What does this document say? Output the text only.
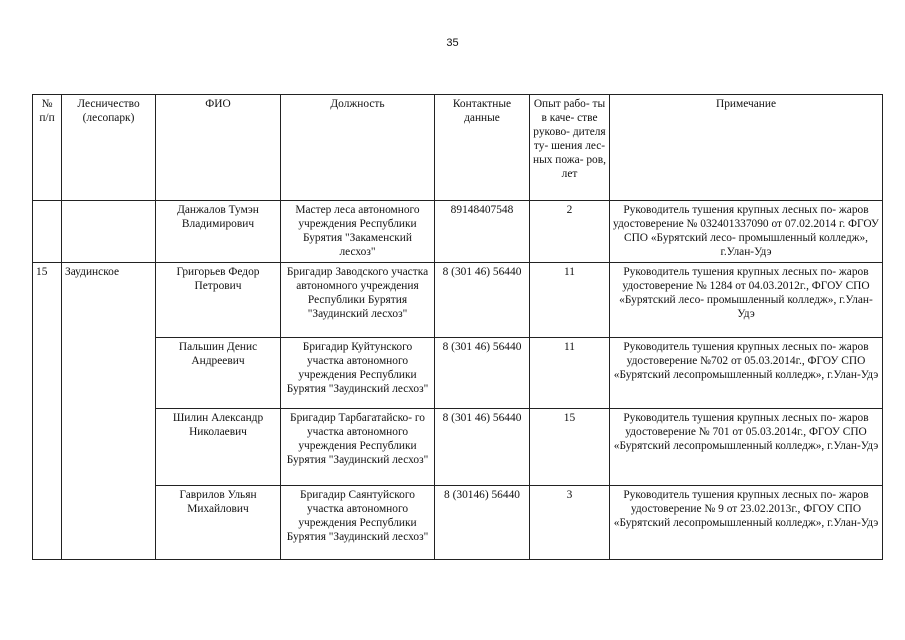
35
№ п/п	Лесничество (лесопарк)	ФИО	Должность	Контактные данные	Опыт рабо- ты в каче- стве руково- дителя ту- шения лес- ных пожа- ров, лет	Примечание
		Данжалов Тумэн Владимирович	Мастер леса автономного учреждения Республики Бурятия "Закаменский лесхоз"	89148407548	2	Руководитель тушения крупных лесных по- жаров удостоверение № 032401337090 от 07.02.2014 г. ФГОУ СПО «Бурятский лесо- промышленный колледж», г.Улан-Удэ
15	Заудинское	Григорьев Федор Петрович	Бригадир Заводского участка автономного учреждения Республики Бурятия "Заудинский лесхоз"	8 (301 46) 56440	11	Руководитель тушения крупных лесных по- жаров удостоверение № 1284 от 04.03.2012г., ФГОУ СПО «Бурятский лесо- промышленный колледж», г.Улан-Удэ
		Пальшин Денис Андреевич	Бригадир Куйтунского участка автономного учреждения Республики Бурятия "Заудинский лесхоз"	8 (301 46) 56440	11	Руководитель тушения крупных лесных по- жаров удостоверение №702 от 05.03.2014г., ФГОУ СПО «Бурятский лесопромышленный колледж», г.Улан-Удэ
		Шилин Александр Николаевич	Бригадир Тарбагатайско- го участка автономного учреждения Республики Бурятия "Заудинский лесхоз"	8 (301 46) 56440	15	Руководитель тушения крупных лесных по- жаров удостоверение № 701 от 05.03.2014г., ФГОУ СПО «Бурятский лесопромышленный колледж», г.Улан-Удэ
		Гаврилов Ульян Михайлович	Бригадир Саянтуйского участка автономного учреждения Республики Бурятия "Заудинский лесхоз"	8 (30146) 56440	3	Руководитель тушения крупных лесных по- жаров удостоверение № 9 от 23.02.2013г., ФГОУ СПО «Бурятский лесопромышленный колледж», г.Улан-Удэ
